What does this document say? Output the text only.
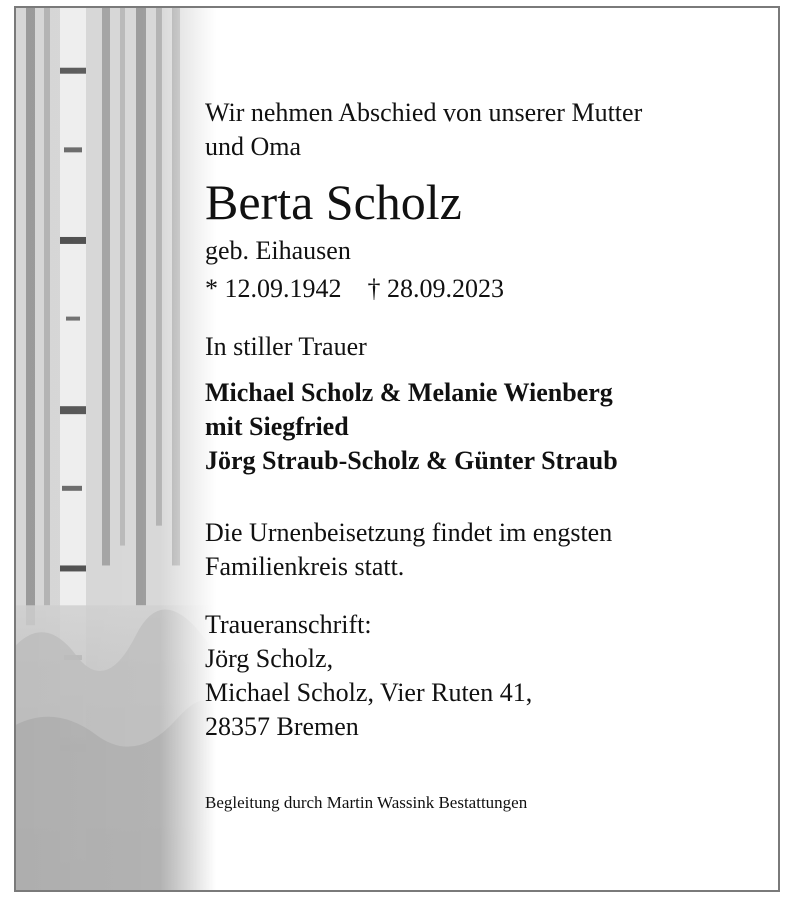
Wir nehmen Abschied von unserer Mutter
und Oma
Berta Scholz
geb. Eihausen
* 12.09.1942 † 28.09.2023
In stiller Trauer
Michael Scholz & Melanie Wienberg
mit Siegfried
Jörg Straub-Scholz & Günter Straub
Die Urnenbeisetzung findet im engsten
Familienkreis statt.
Traueranschrift:
Jörg Scholz,
Michael Scholz, Vier Ruten 41,
28357 Bremen
Begleitung durch Martin Wassink Bestattungen
